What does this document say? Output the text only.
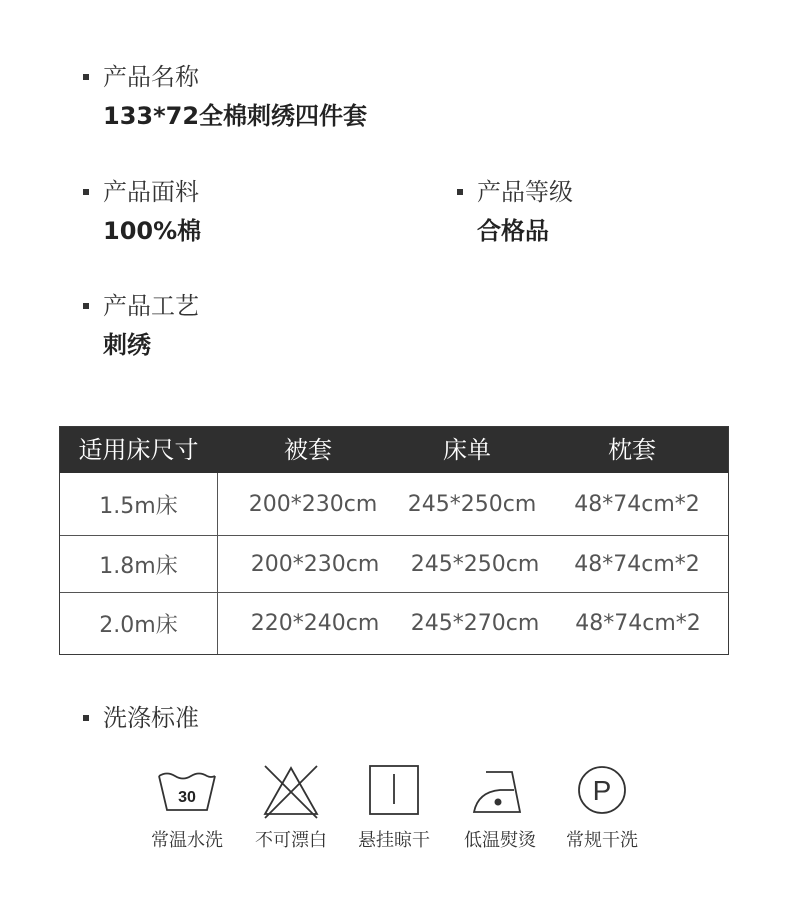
产品名称
133*72全棉刺绣四件套
产品面料
100%棉
产品等级
合格品
产品工艺
刺绣
适用床尺寸	被套	床单	枕套
1.5m床	200*230cm	245*250cm	48*74cm*2
1.8m床	200*230cm	245*250cm	48*74cm*2
2.0m床	220*240cm	245*270cm	48*74cm*2
洗涤标准
30
常温水洗	不可漂白	悬挂晾干	低温熨烫
P
常规干洗
